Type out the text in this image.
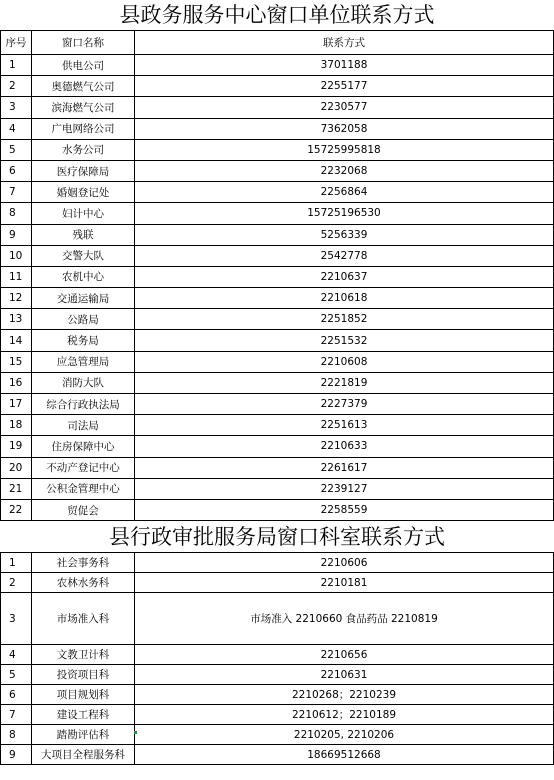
县政务服务中心窗口单位联系方式
序号	窗口名称	联系方式
1	供电公司	3701188
2	奥德燃气公司	2255177
3	滨海燃气公司	2230577
4	广电网络公司	7362058
5	水务公司	15725995818
6	医疗保障局	2232068
7	婚姻登记处	2256864
8	妇计中心	15725196530
9	残联	5256339
10	交警大队	2542778
11	农机中心	2210637
12	交通运输局	2210618
13	公路局	2251852
14	税务局	2251532
15	应急管理局	2210608
16	消防大队	2221819
17	综合行政执法局	2227379
18	司法局	2251613
19	住房保障中心	2210633
20	不动产登记中心	2261617
21	公积金管理中心	2239127
22	贸促会	2258559
县行政审批服务局窗口科室联系方式
1	社会事务科	2210606
2	农林水务科	2210181
3	市场准入科	市场准入 2210660 食品药品 2210819
4	文教卫计科	2210656
5	投资项目科	2210631
6	项目规划科	2210268；2210239
7	建设工程科	2210612；2210189
8	踏勘评估科	2210205, 2210206
9	大项目全程服务科	18669512668
